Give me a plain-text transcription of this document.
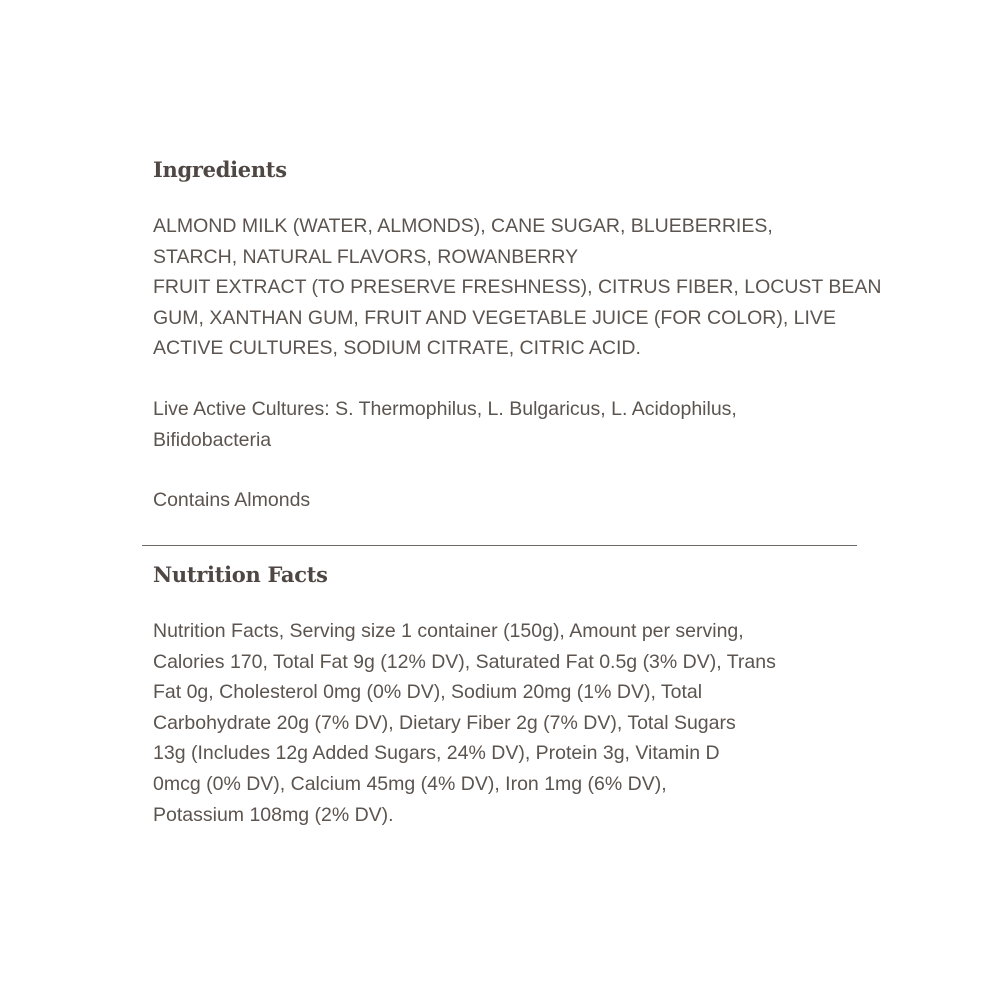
Ingredients

ALMOND MILK (WATER, ALMONDS), CANE SUGAR, BLUEBERRIES,
STARCH, NATURAL FLAVORS, ROWANBERRY
FRUIT EXTRACT (TO PRESERVE FRESHNESS), CITRUS FIBER, LOCUST BEAN
GUM, XANTHAN GUM, FRUIT AND VEGETABLE JUICE (FOR COLOR), LIVE
ACTIVE CULTURES, SODIUM CITRATE, CITRIC ACID.

Live Active Cultures: S. Thermophilus, L. Bulgaricus, L. Acidophilus,
Bifidobacteria

Contains Almonds

Nutrition Facts

Nutrition Facts, Serving size 1 container (150g), Amount per serving,
Calories 170, Total Fat 9g (12% DV), Saturated Fat 0.5g (3% DV), Trans
Fat 0g, Cholesterol 0mg (0% DV), Sodium 20mg (1% DV), Total
Carbohydrate 20g (7% DV), Dietary Fiber 2g (7% DV), Total Sugars
13g (Includes 12g Added Sugars, 24% DV), Protein 3g, Vitamin D
0mcg (0% DV), Calcium 45mg (4% DV), Iron 1mg (6% DV),
Potassium 108mg (2% DV).
